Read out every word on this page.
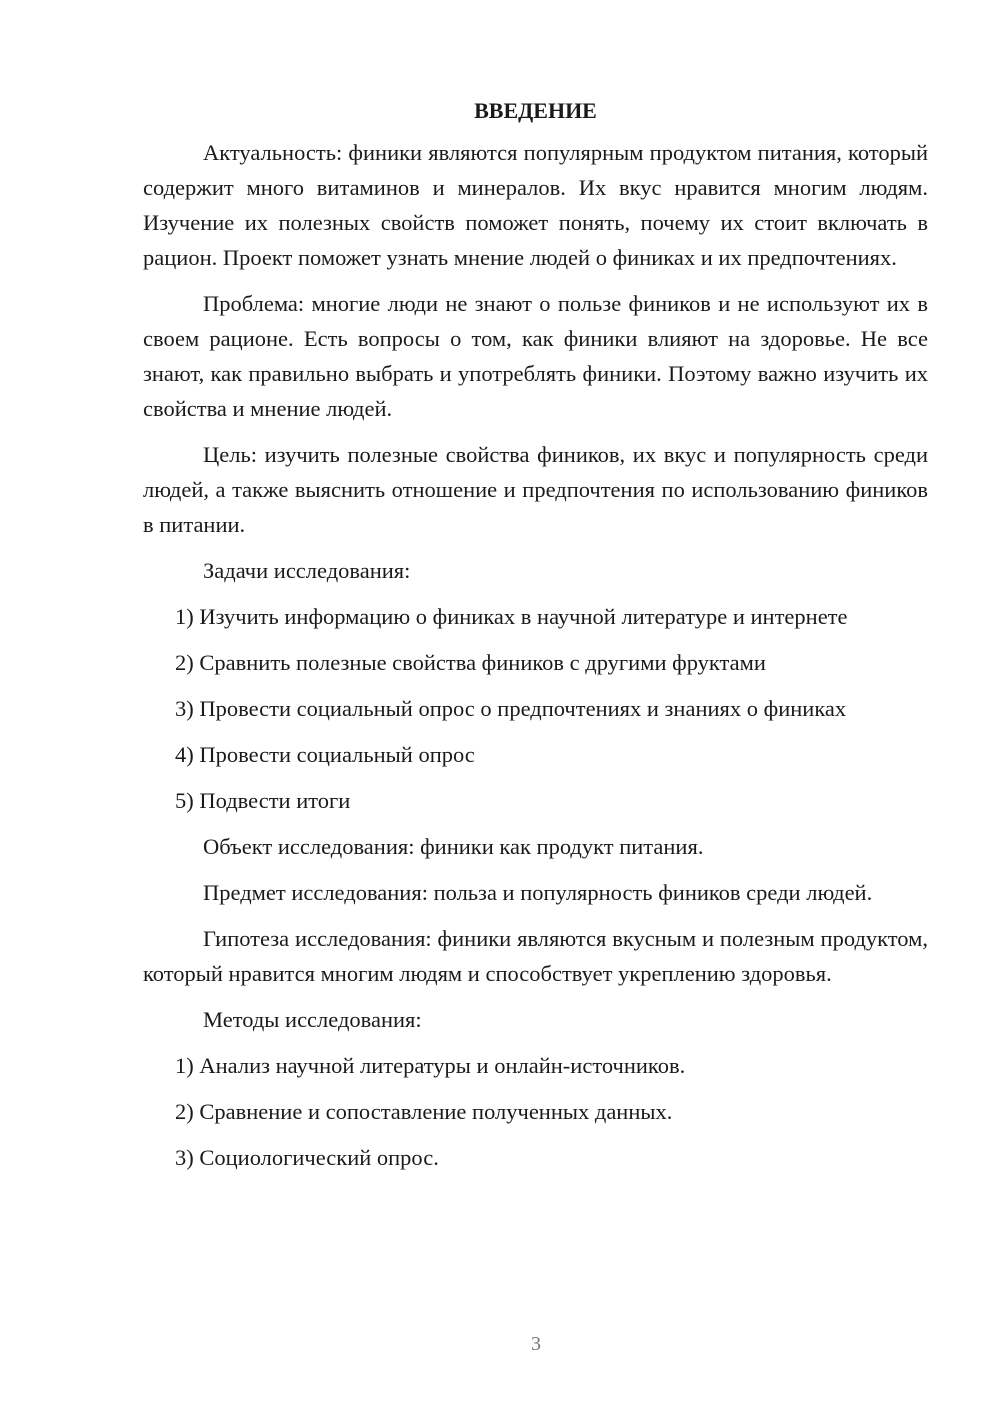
ВВЕДЕНИЕ

Актуальность: финики являются популярным продуктом питания, который содержит много витаминов и минералов. Их вкус нравится многим людям. Изучение их полезных свойств поможет понять, почему их стоит включать в рацион. Проект поможет узнать мнение людей о финиках и их предпочтениях.

Проблема: многие люди не знают о пользе фиников и не используют их в своем рационе. Есть вопросы о том, как финики влияют на здоровье. Не все знают, как правильно выбрать и употреблять финики. Поэтому важно изучить их свойства и мнение людей.

Цель: изучить полезные свойства фиников, их вкус и популярность среди людей, а также выяснить отношение и предпочтения по использованию фиников в питании.

Задачи исследования:

1) Изучить информацию о финиках в научной литературе и интернете

2) Сравнить полезные свойства фиников с другими фруктами

3) Провести социальный опрос о предпочтениях и знаниях о финиках

4) Провести социальный опрос

5) Подвести итоги

Объект исследования: финики как продукт питания.

Предмет исследования: польза и популярность фиников среди людей.

Гипотеза исследования: финики являются вкусным и полезным продуктом, который нравится многим людям и способствует укреплению здоровья.

Методы исследования:

1) Анализ научной литературы и онлайн-источников.

2) Сравнение и сопоставление полученных данных.

3) Социологический опрос.

3
